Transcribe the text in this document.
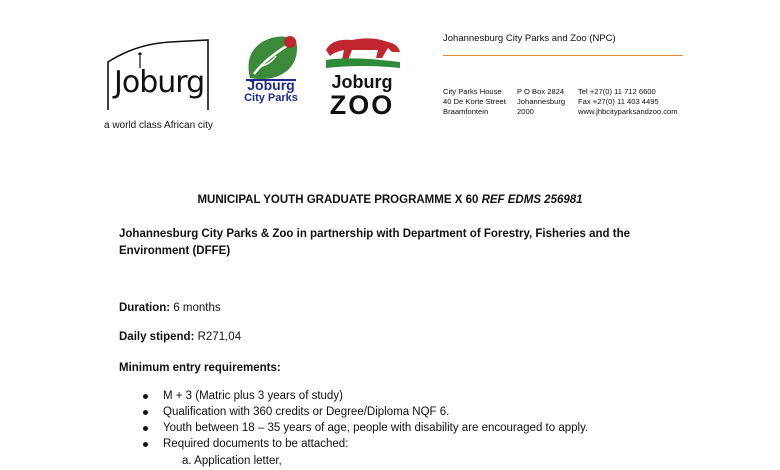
Joburg
a world class African city
Joburg
City Parks
Joburg
ZOO
Johannesburg City Parks and Zoo (NPC)
City Parks House
40 De Korte Street
Braamfontein
P O Box 2824
Johannesburg
2000
Tel +27(0) 11 712 6600
Fax +27(0) 11 403 4495
www.jhbcityparksandzoo.com
MUNICIPAL YOUTH GRADUATE PROGRAMME X 60 REF EDMS 256981
Johannesburg City Parks & Zoo in partnership with Department of Forestry, Fisheries and the Environment (DFFE)
Duration: 6 months
Daily stipend: R271,04
Minimum entry requirements:
M + 3 (Matric plus 3 years of study)
Qualification with 360 credits or Degree/Diploma NQF 6.
Youth between 18 – 35 years of age, people with disability are encouraged to apply.
Required documents to be attached:
a. Application letter,
